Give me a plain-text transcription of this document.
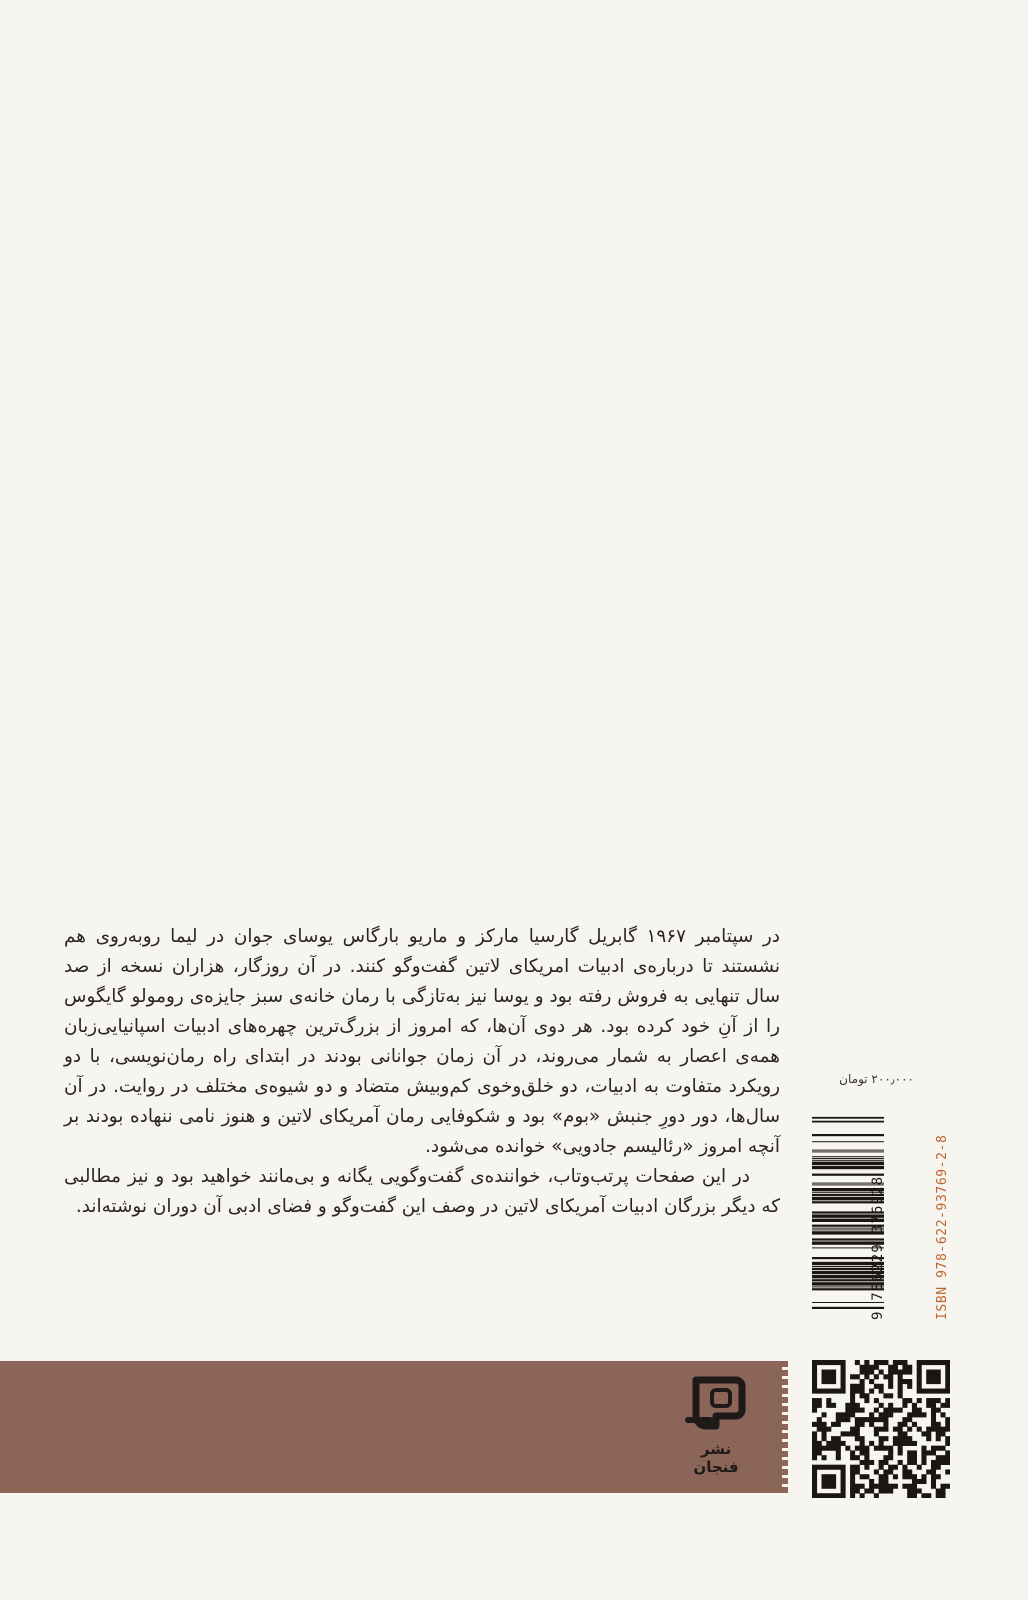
در سپتامبر ۱۹۶۷ گابریل گارسیا مارکز و ماریو بارگاس یوسای جوان در لیما روبه‌روی هم نشستند تا درباره‌ی ادبیات امریکای لاتین گفت‌وگو کنند. در آن روزگار، هزاران نسخه از صد سال تنهایی به فروش رفته بود و یوسا نیز به‌تازگی با رمان خانه‌ی سبز جایزه‌ی رومولو گایگوس را از آنِ خود کرده بود. هر دوی آن‌ها، که امروز از بزرگ‌ترین چهره‌های ادبیات اسپانیایی‌زبان همه‌ی اعصار به شمار می‌روند، در آن زمان جوانانی بودند در ابتدای راه رمان‌نویسی، با دو رویکرد متفاوت به ادبیات، دو خلق‌وخوی کم‌وبیش متضاد و دو شیوه‌ی مختلف در روایت. در آن سال‌ها، دور دورِ جنبش «بوم» بود و شکوفایی رمان آمریکای لاتین و هنوز نامی ننهاده بودند بر آنچه امروز «رئالیسم جادویی» خوانده می‌شود.

در این صفحات پرتب‌وتاب، خواننده‌ی گفت‌وگویی یگانه و بی‌مانند خواهید بود و نیز مطالبی که دیگر بزرگان ادبیات آمریکای لاتین در وصف این گفت‌وگو و فضای ادبی آن دوران نوشته‌اند.

۲۰۰٫۰۰۰ تومان
9 786229 376928	ISBN 978-622-93769-2-8
نشر
فنجان
